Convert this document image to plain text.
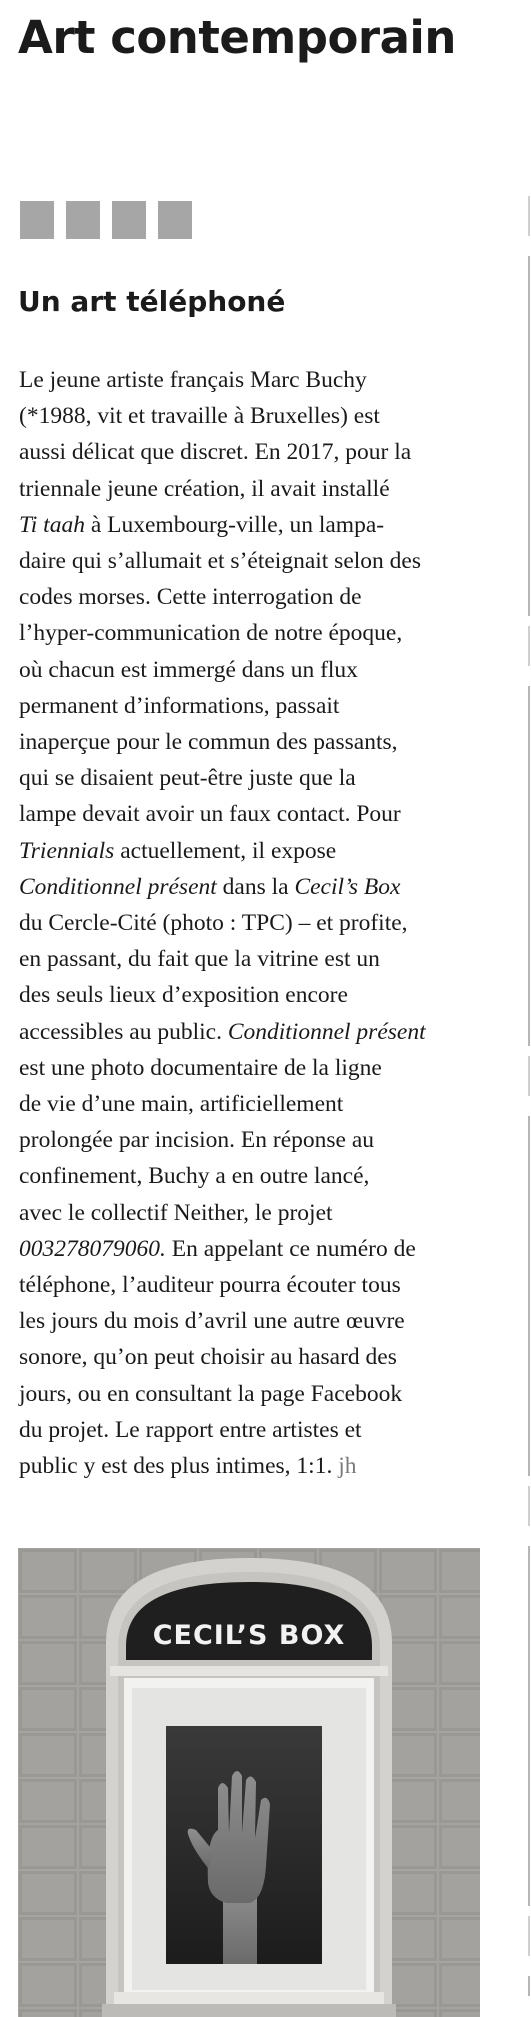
Art contemporain
Un art téléphoné
Le jeune artiste français Marc Buchy
(*1988, vit et travaille à Bruxelles) est
aussi délicat que discret. En 2017, pour la
triennale jeune création, il avait installé
Ti taah à Luxembourg-ville, un lampa-
daire qui s’allumait et s’éteignait selon des
codes morses. Cette interrogation de
l’hyper-communication de notre époque,
où chacun est immergé dans un flux
permanent d’informations, passait
inaperçue pour le commun des passants,
qui se disaient peut-être juste que la
lampe devait avoir un faux contact. Pour
Triennials actuellement, il expose
Conditionnel présent dans la Cecil’s Box
du Cercle-Cité (photo : TPC) – et profite,
en passant, du fait que la vitrine est un
des seuls lieux d’exposition encore
accessibles au public. Conditionnel présent
est une photo documentaire de la ligne
de vie d’une main, artificiellement
prolongée par incision. En réponse au
confinement, Buchy a en outre lancé,
avec le collectif Neither, le projet
003278079060. En appelant ce numéro de
téléphone, l’auditeur pourra écouter tous
les jours du mois d’avril une autre œuvre
sonore, qu’on peut choisir au hasard des
jours, ou en consultant la page Facebook
du projet. Le rapport entre artistes et
public y est des plus intimes, 1:1. jh
CECIL’S BOX
